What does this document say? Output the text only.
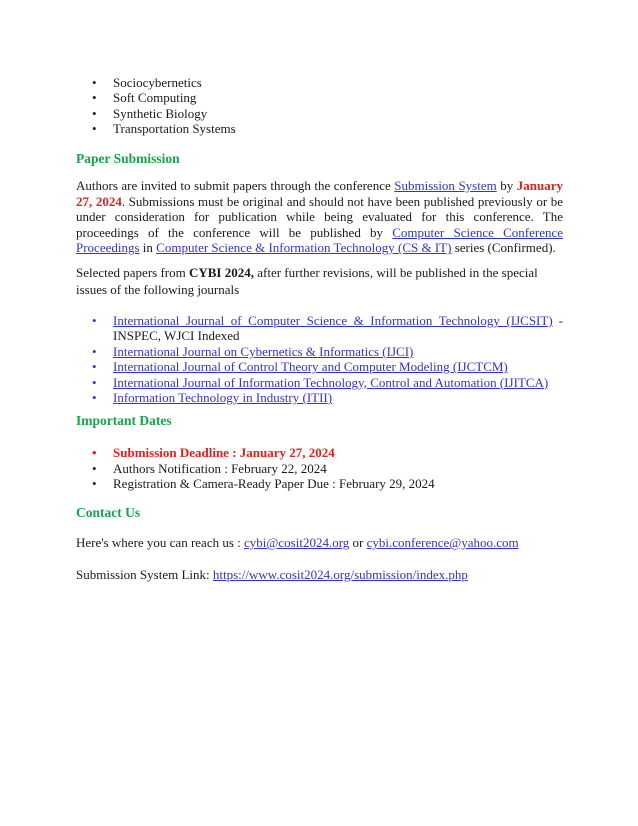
• Sociocybernetics
• Soft Computing
• Synthetic Biology
• Transportation Systems
Paper Submission

Authors are invited to submit papers through the conference Submission System by January 27, 2024. Submissions must be original and should not have been published previously or be under consideration for publication while being evaluated for this conference. The proceedings of the conference will be published by Computer Science Conference Proceedings in Computer Science & Information Technology (CS & IT) series (Confirmed).

Selected papers from CYBI 2024, after further revisions, will be published in the special issues of the following journals

• International Journal of Computer Science & Information Technology (IJCSIT) -
INSPEC, WJCI Indexed
• International Journal on Cybernetics & Informatics (IJCI)
• International Journal of Control Theory and Computer Modeling (IJCTCM)
• International Journal of Information Technology, Control and Automation (IJITCA)
• Information Technology in Industry (ITII)
Important Dates
• Submission Deadline : January 27, 2024
• Authors Notification : February 22, 2024
• Registration & Camera-Ready Paper Due : February 29, 2024
Contact Us

Here's where you can reach us : cybi@cosit2024.org or cybi.conference@yahoo.com

Submission System Link: https://www.cosit2024.org/submission/index.php
